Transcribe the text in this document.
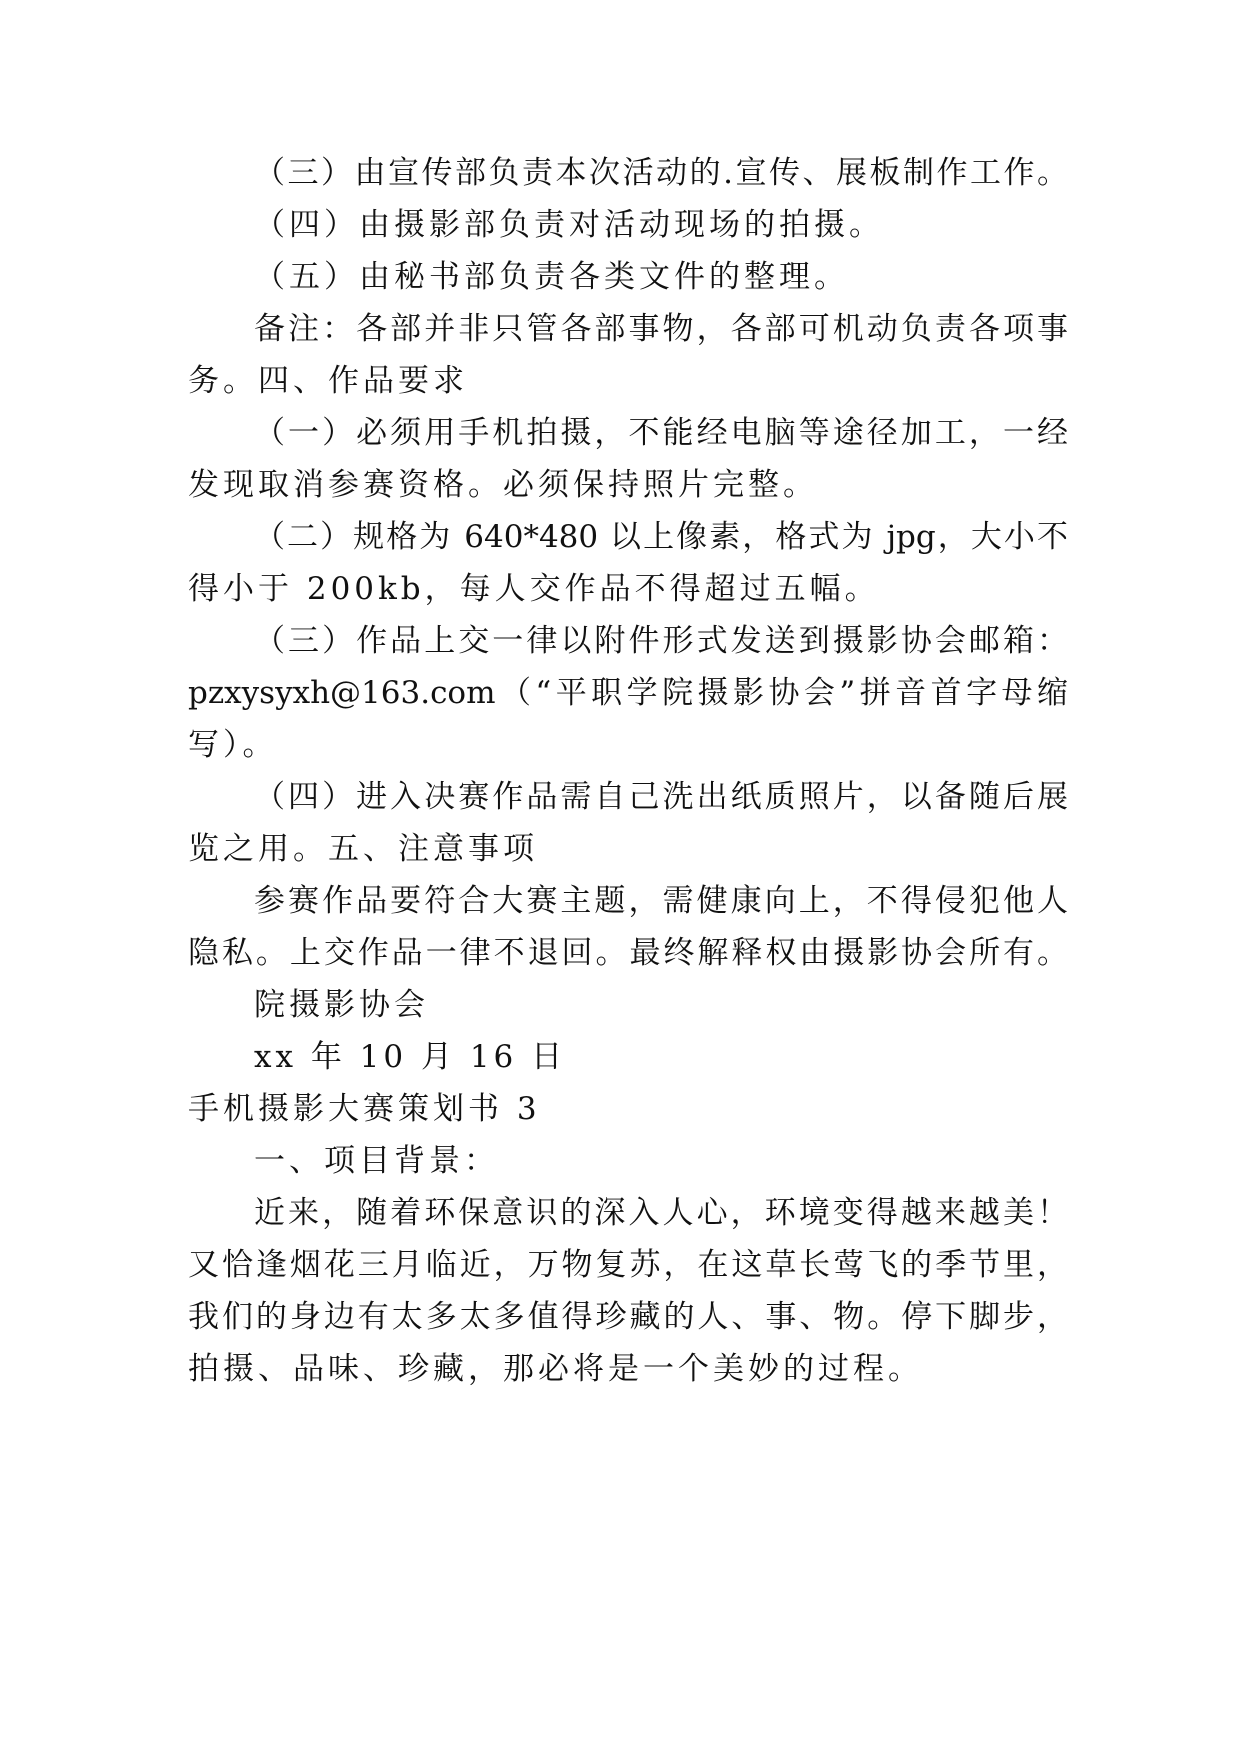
（三）由宣传部负责本次活动的.宣传、展板制作工作。
（四）由摄影部负责对活动现场的拍摄。
（五）由秘书部负责各类文件的整理。
备注：各部并非只管各部事物，各部可机动负责各项事
务。四、作品要求
（一）必须用手机拍摄，不能经电脑等途径加工，一经
发现取消参赛资格。必须保持照片完整。
（二）规格为 640*480 以上像素，格式为 jpg，大小不
得小于 200kb，每人交作品不得超过五幅。
（三）作品上交一律以附件形式发送到摄影协会邮箱：
pzxysyxh@163.com（“平职学院摄影协会”拼音首字母缩
写）。
（四）进入决赛作品需自己洗出纸质照片，以备随后展
览之用。五、注意事项
参赛作品要符合大赛主题，需健康向上，不得侵犯他人
隐私。上交作品一律不退回。最终解释权由摄影协会所有。
院摄影协会
xx 年 10 月 16 日
手机摄影大赛策划书 3
一、项目背景：
近来，随着环保意识的深入人心，环境变得越来越美！
又恰逢烟花三月临近，万物复苏，在这草长莺飞的季节里，
我们的身边有太多太多值得珍藏的人、事、物。停下脚步，
拍摄、品味、珍藏，那必将是一个美妙的过程。
